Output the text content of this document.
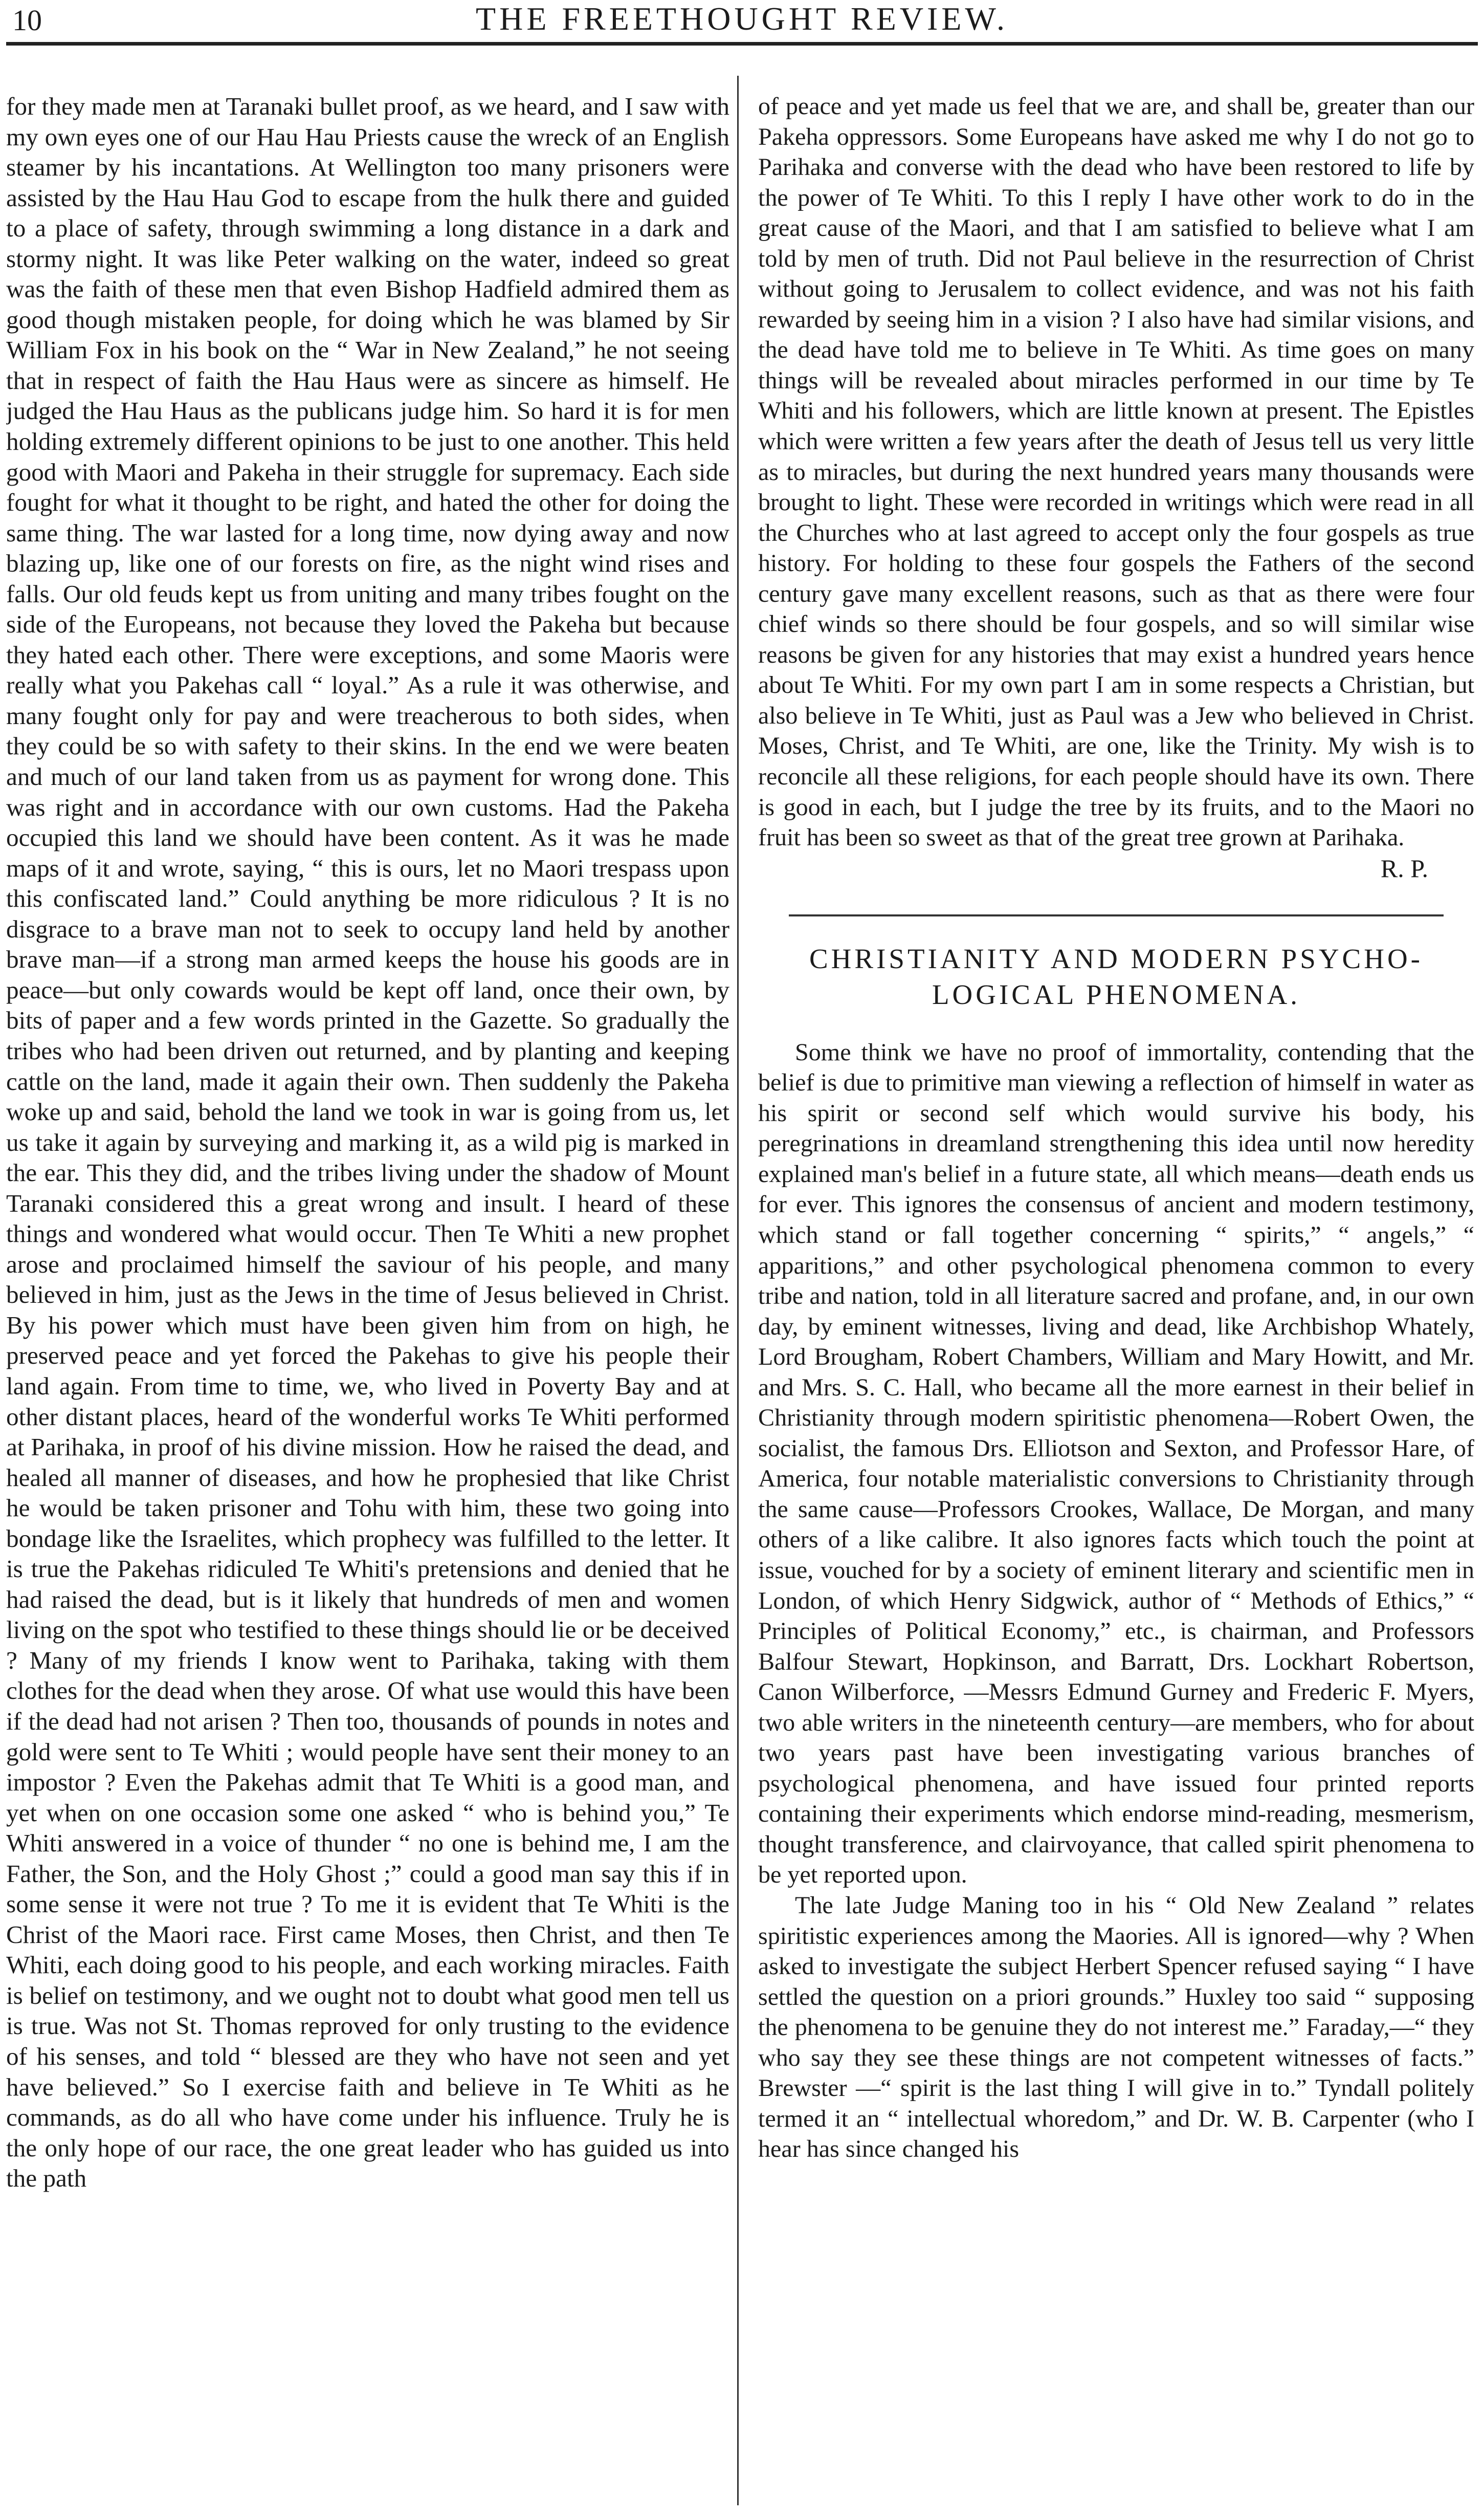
10	THE FREETHOUGHT REVIEW.

for they made men at Taranaki bullet proof, as we heard, and I saw with my own eyes one of our Hau Hau Priests cause the wreck of an English steamer by his incantations. At Wellington too many prisoners were assisted by the Hau Hau God to escape from the hulk there and guided to a place of safety, through swimming a long distance in a dark and stormy night. It was like Peter walking on the water, indeed so great was the faith of these men that even Bishop Hadfield admired them as good though mistaken people, for doing which he was blamed by Sir William Fox in his book on the “ War in New Zealand,” he not seeing that in respect of faith the Hau Haus were as sincere as himself. He judged the Hau Haus as the publicans judge him. So hard it is for men holding extremely different opinions to be just to one another. This held good with Maori and Pakeha in their struggle for supremacy. Each side fought for what it thought to be right, and hated the other for doing the same thing. The war lasted for a long time, now dying away and now blazing up, like one of our forests on fire, as the night wind rises and falls. Our old feuds kept us from uniting and many tribes fought on the side of the Europeans, not because they loved the Pakeha but because they hated each other. There were exceptions, and some Maoris were really what you Pakehas call “ loyal.” As a rule it was otherwise, and many fought only for pay and were treacherous to both sides, when they could be so with safety to their skins. In the end we were beaten and much of our land taken from us as payment for wrong done. This was right and in accordance with our own customs. Had the Pakeha occupied this land we should have been content. As it was he made maps of it and wrote, saying, “ this is ours, let no Maori trespass upon this confiscated land.” Could anything be more ridiculous ? It is no disgrace to a brave man not to seek to occupy land held by another brave man—if a strong man armed keeps the house his goods are in peace—but only cowards would be kept off land, once their own, by bits of paper and a few words printed in the Gazette. So gradually the tribes who had been driven out returned, and by planting and keeping cattle on the land, made it again their own. Then suddenly the Pakeha woke up and said, behold the land we took in war is going from us, let us take it again by surveying and marking it, as a wild pig is marked in the ear. This they did, and the tribes living under the shadow of Mount Taranaki considered this a great wrong and insult. I heard of these things and wondered what would occur. Then Te Whiti a new prophet arose and proclaimed himself the saviour of his people, and many believed in him, just as the Jews in the time of Jesus believed in Christ. By his power which must have been given him from on high, he preserved peace and yet forced the Pakehas to give his people their land again. From time to time, we, who lived in Poverty Bay and at other distant places, heard of the wonderful works Te Whiti performed at Parihaka, in proof of his divine mission. How he raised the dead, and healed all manner of diseases, and how he prophesied that like Christ he would be taken prisoner and Tohu with him, these two going into bondage like the Israelites, which prophecy was fulfilled to the letter. It is true the Pakehas ridiculed Te Whiti's pretensions and denied that he had raised the dead, but is it likely that hundreds of men and women living on the spot who testified to these things should lie or be deceived ? Many of my friends I know went to Parihaka, taking with them clothes for the dead when they arose. Of what use would this have been if the dead had not arisen ? Then too, thousands of pounds in notes and gold were sent to Te Whiti ; would people have sent their money to an impostor ? Even the Pakehas admit that Te Whiti is a good man, and yet when on one occasion some one asked “ who is behind you,” Te Whiti answered in a voice of thunder “ no one is behind me, I am the Father, the Son, and the Holy Ghost ;” could a good man say this if in some sense it were not true ? To me it is evident that Te Whiti is the Christ of the Maori race. First came Moses, then Christ, and then Te Whiti, each doing good to his people, and each working miracles. Faith is belief on testimony, and we ought not to doubt what good men tell us is true. Was not St. Thomas reproved for only trusting to the evidence of his senses, and told “ blessed are they who have not seen and yet have believed.” So I exercise faith and believe in Te Whiti as he commands, as do all who have come under his influence. Truly he is the only hope of our race, the one great leader who has guided us into the path

of peace and yet made us feel that we are, and shall be, greater than our Pakeha oppressors. Some Europeans have asked me why I do not go to Parihaka and converse with the dead who have been restored to life by the power of Te Whiti. To this I reply I have other work to do in the great cause of the Maori, and that I am satisfied to believe what I am told by men of truth. Did not Paul believe in the resurrection of Christ without going to Jerusalem to collect evidence, and was not his faith rewarded by seeing him in a vision ? I also have had similar visions, and the dead have told me to believe in Te Whiti. As time goes on many things will be revealed about miracles performed in our time by Te Whiti and his followers, which are little known at present. The Epistles which were written a few years after the death of Jesus tell us very little as to miracles, but during the next hundred years many thousands were brought to light. These were recorded in writings which were read in all the Churches who at last agreed to accept only the four gospels as true history. For holding to these four gospels the Fathers of the second century gave many excellent reasons, such as that as there were four chief winds so there should be four gospels, and so will similar wise reasons be given for any histories that may exist a hundred years hence about Te Whiti. For my own part I am in some respects a Christian, but also believe in Te Whiti, just as Paul was a Jew who believed in Christ. Moses, Christ, and Te Whiti, are one, like the Trinity. My wish is to reconcile all these religions, for each people should have its own. There is good in each, but I judge the tree by its fruits, and to the Maori no fruit has been so sweet as that of the great tree grown at Parihaka.

R. P.

CHRISTIANITY AND MODERN PSYCHO-
LOGICAL PHENOMENA.

Some think we have no proof of immortality, contending that the belief is due to primitive man viewing a reflection of himself in water as his spirit or second self which would survive his body, his peregrinations in dreamland strengthening this idea until now heredity explained man's belief in a future state, all which means—death ends us for ever. This ignores the consensus of ancient and modern testimony, which stand or fall together concerning “ spirits,” “ angels,” “ apparitions,” and other psychological phenomena common to every tribe and nation, told in all literature sacred and profane, and, in our own day, by eminent witnesses, living and dead, like Archbishop Whately, Lord Brougham, Robert Chambers, William and Mary Howitt, and Mr. and Mrs. S. C. Hall, who became all the more earnest in their belief in Christianity through modern spiritistic phenomena—Robert Owen, the socialist, the famous Drs. Elliotson and Sexton, and Professor Hare, of America, four notable materialistic conversions to Christianity through the same cause—Professors Crookes, Wallace, De Morgan, and many others of a like calibre. It also ignores facts which touch the point at issue, vouched for by a society of eminent literary and scientific men in London, of which Henry Sidgwick, author of “ Methods of Ethics,” “ Principles of Political Economy,” etc., is chairman, and Professors Balfour Stewart, Hopkinson, and Barratt, Drs. Lockhart Robertson, Canon Wilberforce, —Messrs Edmund Gurney and Frederic F. Myers, two able writers in the nineteenth century—are members, who for about two years past have been investigating various branches of psychological phenomena, and have issued four printed reports containing their experiments which endorse mind-reading, mesmerism, thought transference, and clairvoyance, that called spirit phenomena to be yet reported upon.

The late Judge Maning too in his “ Old New Zealand ” relates spiritistic experiences among the Maories. All is ignored—why ? When asked to investigate the subject Herbert Spencer refused saying “ I have settled the question on a priori grounds.” Huxley too said “ supposing the phenomena to be genuine they do not interest me.” Faraday,—“ they who say they see these things are not competent witnesses of facts.” Brewster —“ spirit is the last thing I will give in to.” Tyndall politely termed it an “ intellectual whoredom,” and Dr. W. B. Carpenter (who I hear has since changed his
